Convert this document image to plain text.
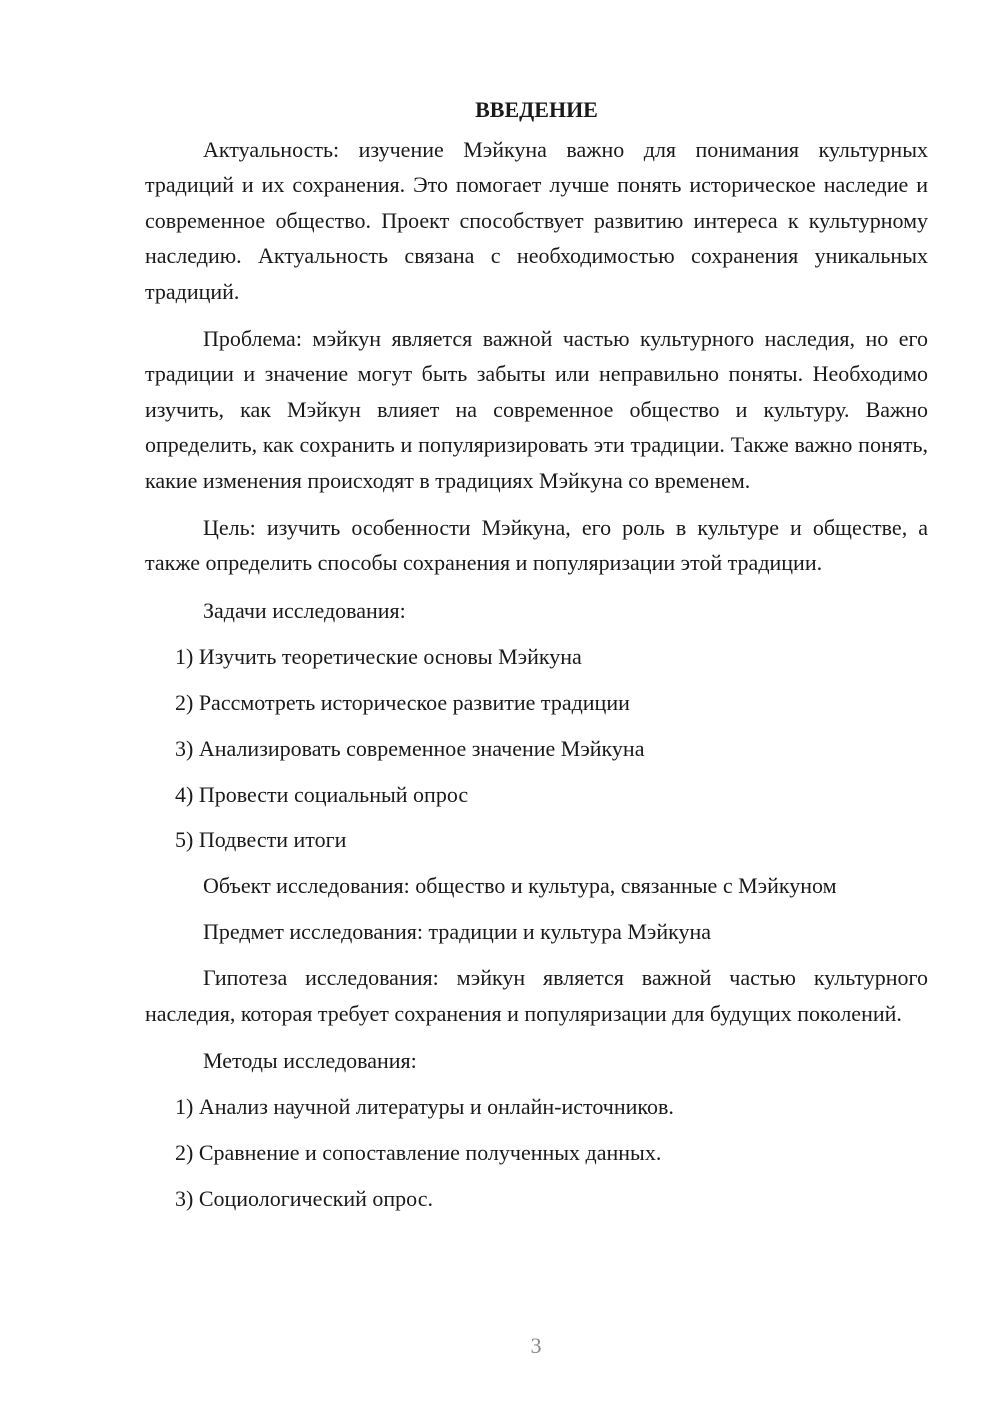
ВВЕДЕНИЕ

Актуальность: изучение Мэйкуна важно для понимания культурных традиций и их сохранения. Это помогает лучше понять историческое наследие и современное общество. Проект способствует развитию интереса к культурному наследию. Актуальность связана с необходимостью сохранения уникальных традиций.

Проблема: мэйкун является важной частью культурного наследия, но его традиции и значение могут быть забыты или неправильно поняты. Необходимо изучить, как Мэйкун влияет на современное общество и культуру. Важно определить, как сохранить и популяризировать эти традиции. Также важно понять, какие изменения происходят в традициях Мэйкуна со временем.

Цель: изучить особенности Мэйкуна, его роль в культуре и обществе, а также определить способы сохранения и популяризации этой традиции.

Задачи исследования:

1) Изучить теоретические основы Мэйкуна
2) Рассмотреть историческое развитие традиции
3) Анализировать современное значение Мэйкуна
4) Провести социальный опрос
5) Подвести итоги

Объект исследования: общество и культура, связанные с Мэйкуном

Предмет исследования: традиции и культура Мэйкуна

Гипотеза исследования: мэйкун является важной частью культурного наследия, которая требует сохранения и популяризации для будущих поколений.

Методы исследования:

1) Анализ научной литературы и онлайн-источников.
2) Сравнение и сопоставление полученных данных.
3) Социологический опрос.
3
